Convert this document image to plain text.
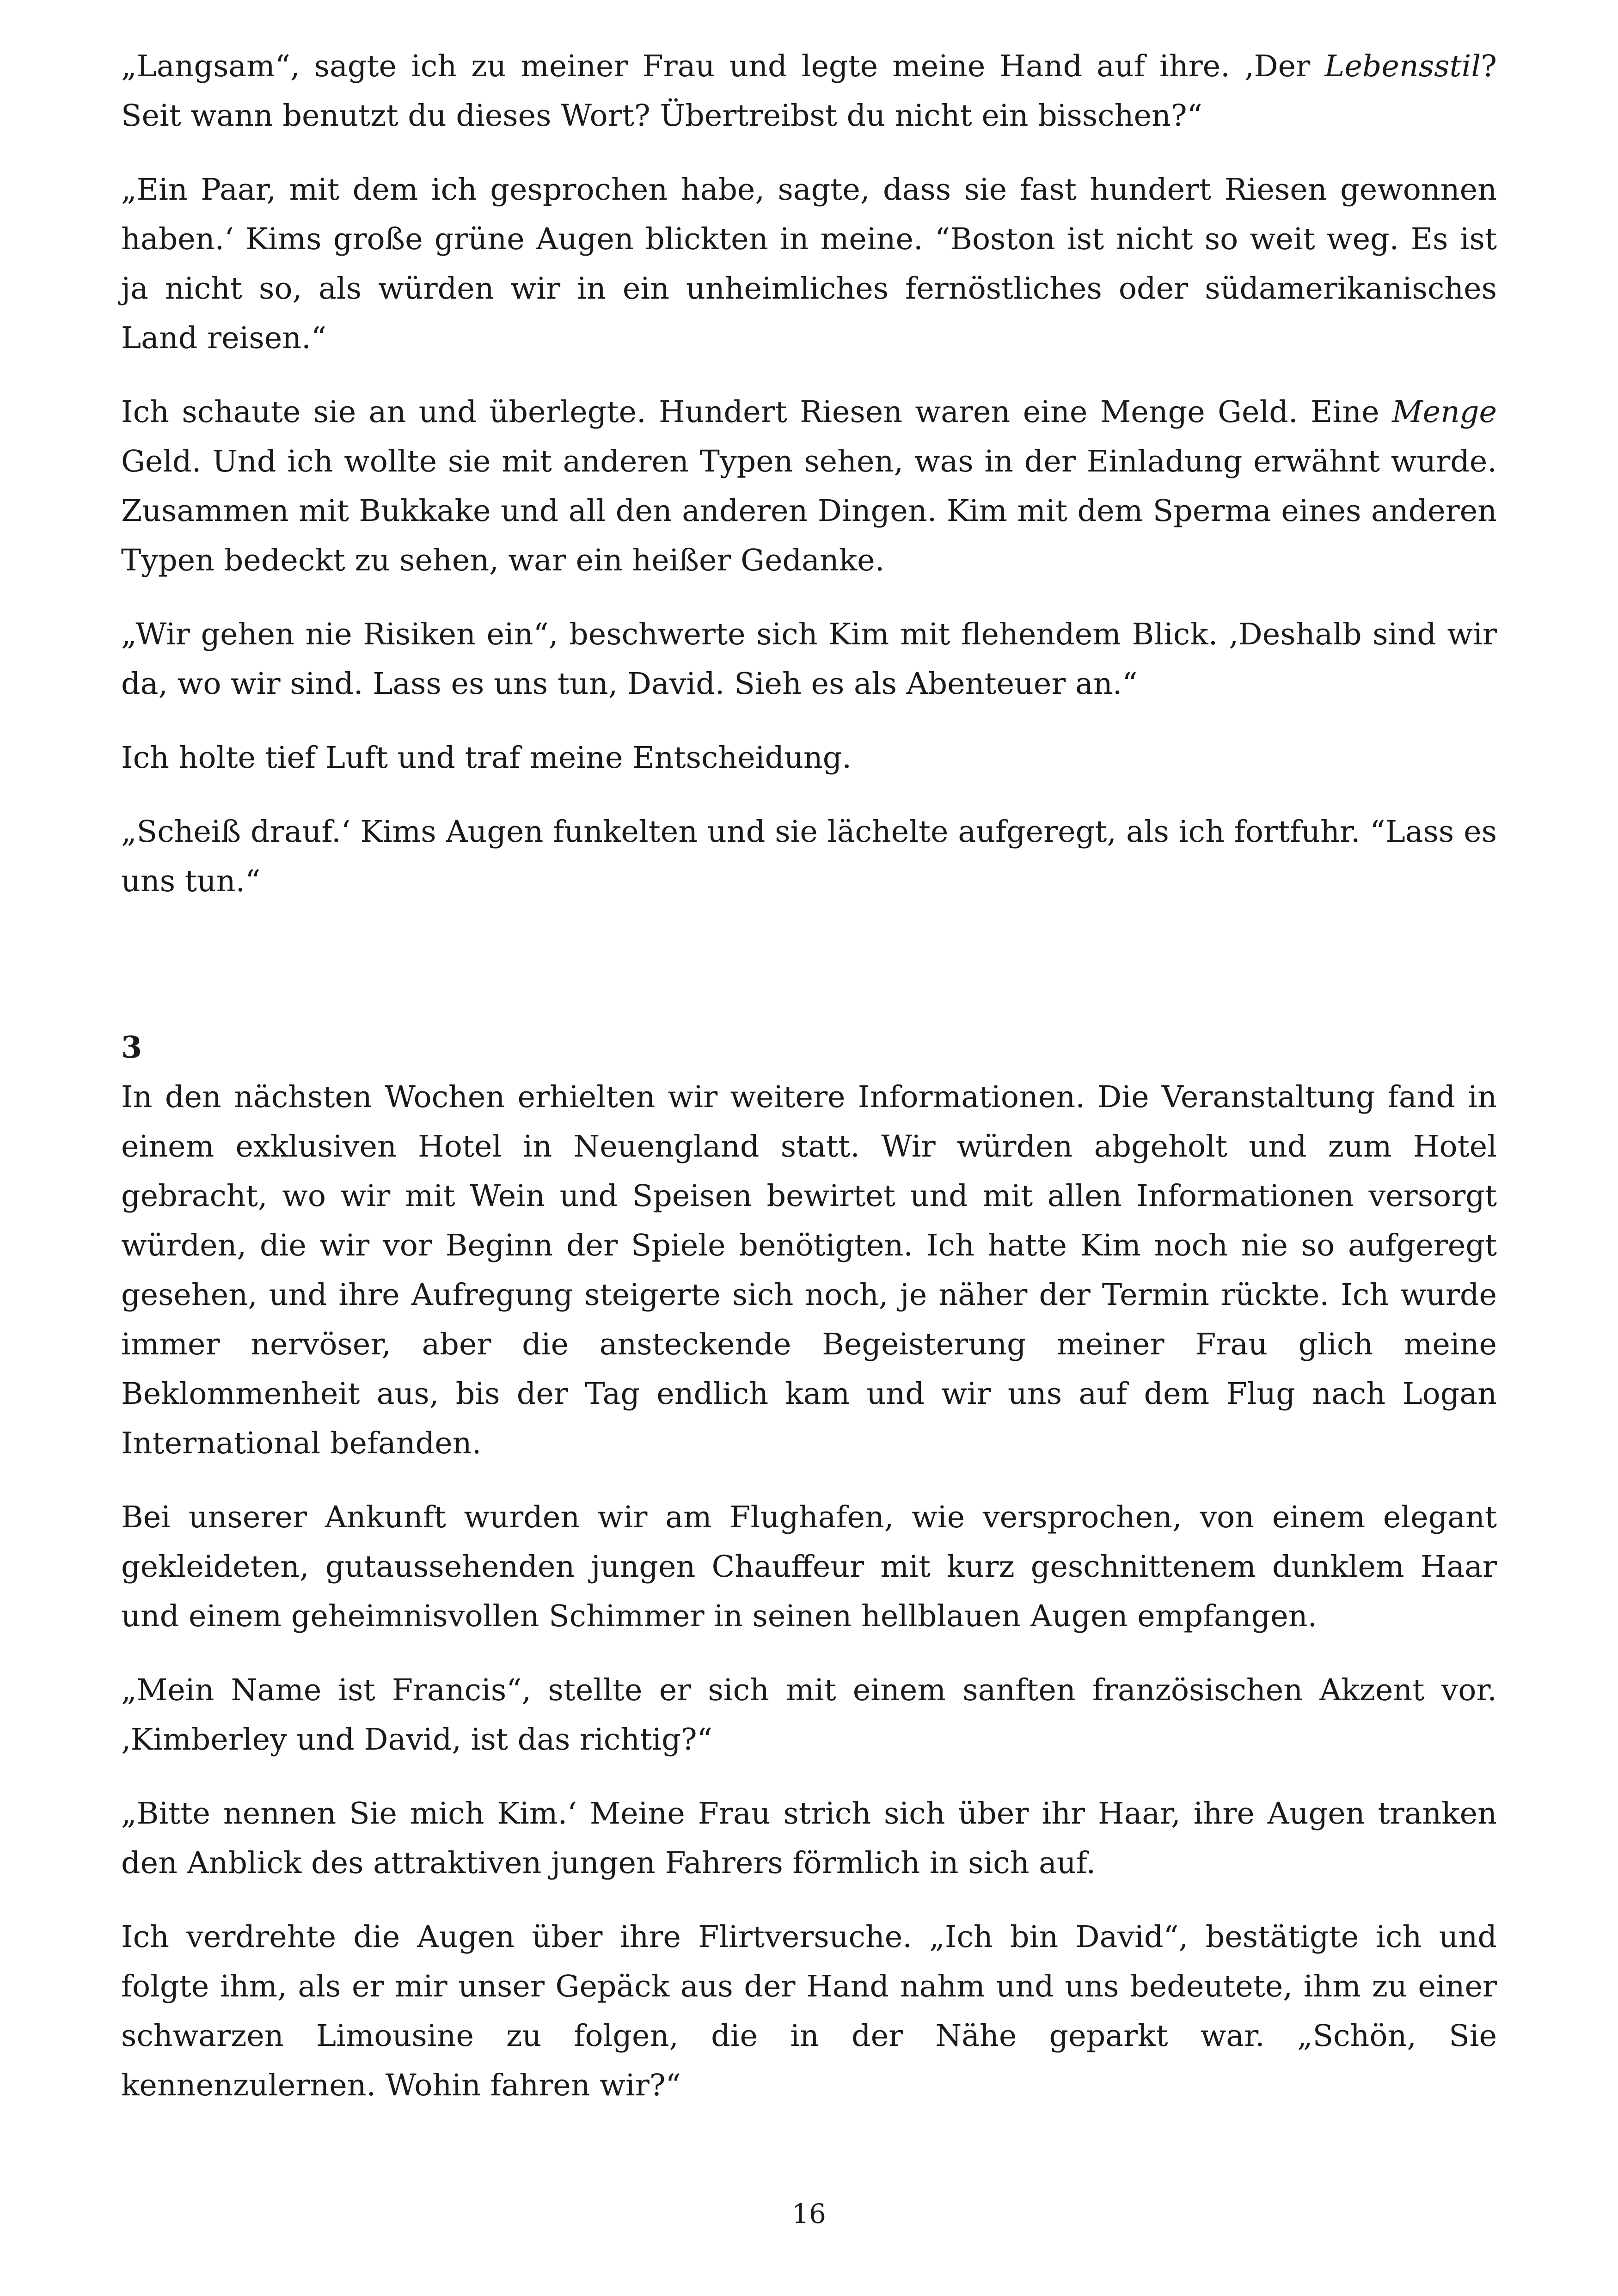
„Langsam“, sagte ich zu meiner Frau und legte meine Hand auf ihre. ‚Der Lebensstil? Seit wann benutzt du dieses Wort? Übertreibst du nicht ein bisschen?“

„Ein Paar, mit dem ich gesprochen habe, sagte, dass sie fast hundert Riesen gewonnen haben.‘ Kims große grüne Augen blickten in meine. “Boston ist nicht so weit weg. Es ist ja nicht so, als würden wir in ein unheimliches fernöstliches oder südamerikanisches Land reisen.“

Ich schaute sie an und überlegte. Hundert Riesen waren eine Menge Geld. Eine Menge Geld. Und ich wollte sie mit anderen Typen sehen, was in der Einladung erwähnt wurde. Zusammen mit Bukkake und all den anderen Dingen. Kim mit dem Sperma eines anderen Typen bedeckt zu sehen, war ein heißer Gedanke.

„Wir gehen nie Risiken ein“, beschwerte sich Kim mit flehendem Blick. ‚Deshalb sind wir da, wo wir sind. Lass es uns tun, David. Sieh es als Abenteuer an.“

Ich holte tief Luft und traf meine Entscheidung.

„Scheiß drauf.‘ Kims Augen funkelten und sie lächelte aufgeregt, als ich fortfuhr. “Lass es uns tun.“

3

In den nächsten Wochen erhielten wir weitere Informationen. Die Veranstaltung fand in einem exklusiven Hotel in Neuengland statt. Wir würden abgeholt und zum Hotel gebracht, wo wir mit Wein und Speisen bewirtet und mit allen Informationen versorgt würden, die wir vor Beginn der Spiele benötigten. Ich hatte Kim noch nie so aufgeregt gesehen, und ihre Aufregung steigerte sich noch, je näher der Termin rückte. Ich wurde immer nervöser, aber die ansteckende Begeisterung meiner Frau glich meine Beklommenheit aus, bis der Tag endlich kam und wir uns auf dem Flug nach Logan International befanden.

Bei unserer Ankunft wurden wir am Flughafen, wie versprochen, von einem elegant gekleideten, gutaussehenden jungen Chauffeur mit kurz geschnittenem dunklem Haar und einem geheimnisvollen Schimmer in seinen hellblauen Augen empfangen.

„Mein Name ist Francis“, stellte er sich mit einem sanften französischen Akzent vor. ‚Kimberley und David, ist das richtig?“

„Bitte nennen Sie mich Kim.‘ Meine Frau strich sich über ihr Haar, ihre Augen tranken den Anblick des attraktiven jungen Fahrers förmlich in sich auf.

Ich verdrehte die Augen über ihre Flirtversuche. „Ich bin David“, bestätigte ich und folgte ihm, als er mir unser Gepäck aus der Hand nahm und uns bedeutete, ihm zu einer schwarzen Limousine zu folgen, die in der Nähe geparkt war. „Schön, Sie kennenzulernen. Wohin fahren wir?“

16
